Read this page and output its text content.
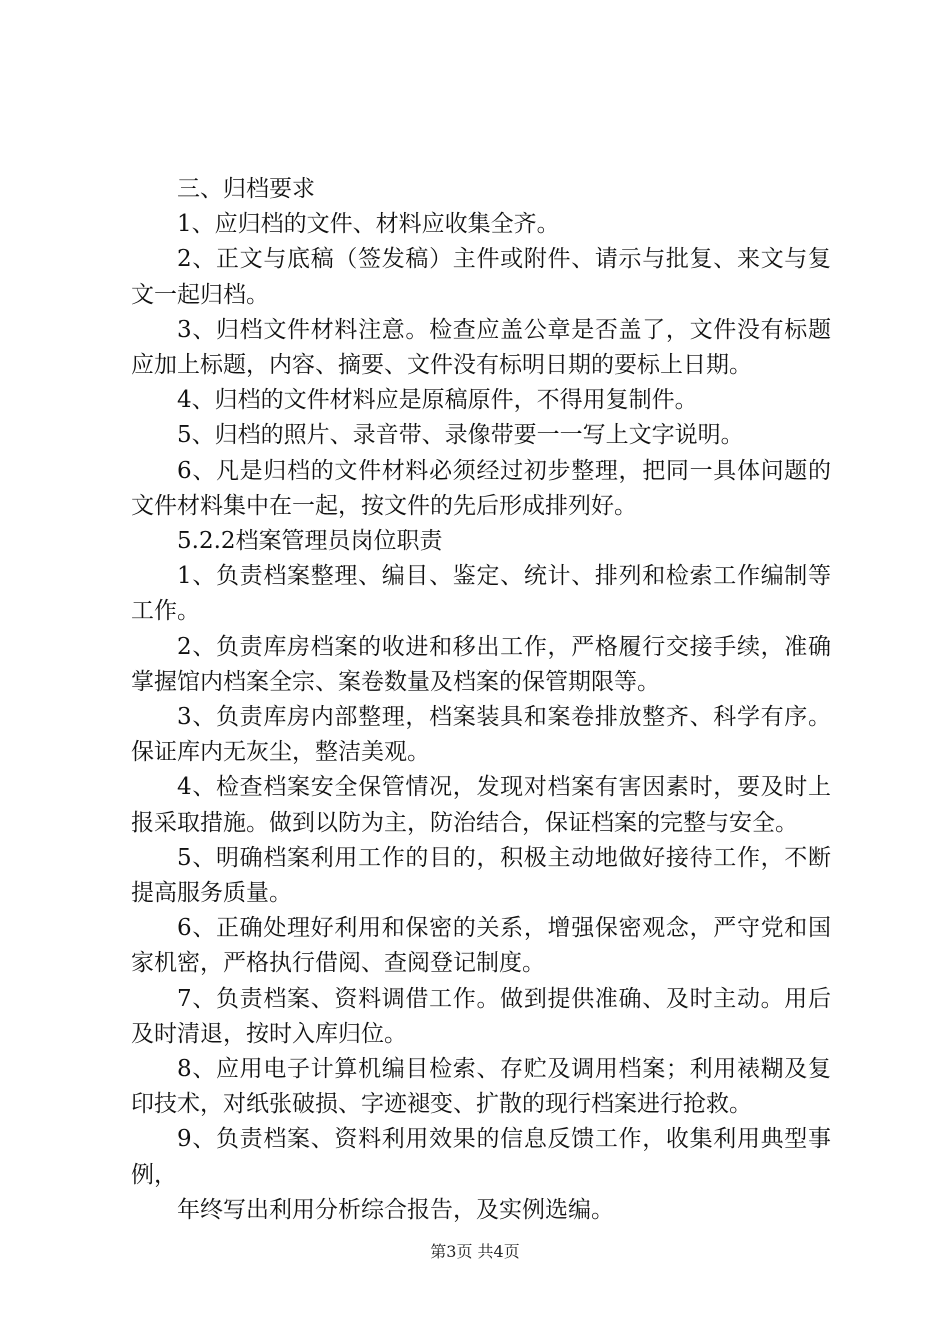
三、归档要求

1、应归档的文件、材料应收集全齐。

2、正文与底稿（签发稿）主件或附件、请示与批复、来文与复文一起归档。

3、归档文件材料注意。检查应盖公章是否盖了，文件没有标题应加上标题，内容、摘要、文件没有标明日期的要标上日期。

4、归档的文件材料应是原稿原件，不得用复制件。

5、归档的照片、录音带、录像带要一一写上文字说明。

6、凡是归档的文件材料必须经过初步整理，把同一具体问题的文件材料集中在一起，按文件的先后形成排列好。

5.2.2档案管理员岗位职责

1、负责档案整理、编目、鉴定、统计、排列和检索工作编制等工作。

2、负责库房档案的收进和移出工作，严格履行交接手续，准确掌握馆内档案全宗、案卷数量及档案的保管期限等。

3、负责库房内部整理，档案装具和案卷排放整齐、科学有序。保证库内无灰尘，整洁美观。

4、检查档案安全保管情况，发现对档案有害因素时，要及时上报采取措施。做到以防为主，防治结合，保证档案的完整与安全。

5、明确档案利用工作的目的，积极主动地做好接待工作，不断提高服务质量。

6、正确处理好利用和保密的关系，增强保密观念，严守党和国家机密，严格执行借阅、查阅登记制度。

7、负责档案、资料调借工作。做到提供准确、及时主动。用后及时清退，按时入库归位。

8、应用电子计算机编目检索、存贮及调用档案；利用裱糊及复印技术，对纸张破损、字迹褪变、扩散的现行档案进行抢救。

9、负责档案、资料利用效果的信息反馈工作，收集利用典型事例，

年终写出利用分析综合报告，及实例选编。

第3页 共4页
